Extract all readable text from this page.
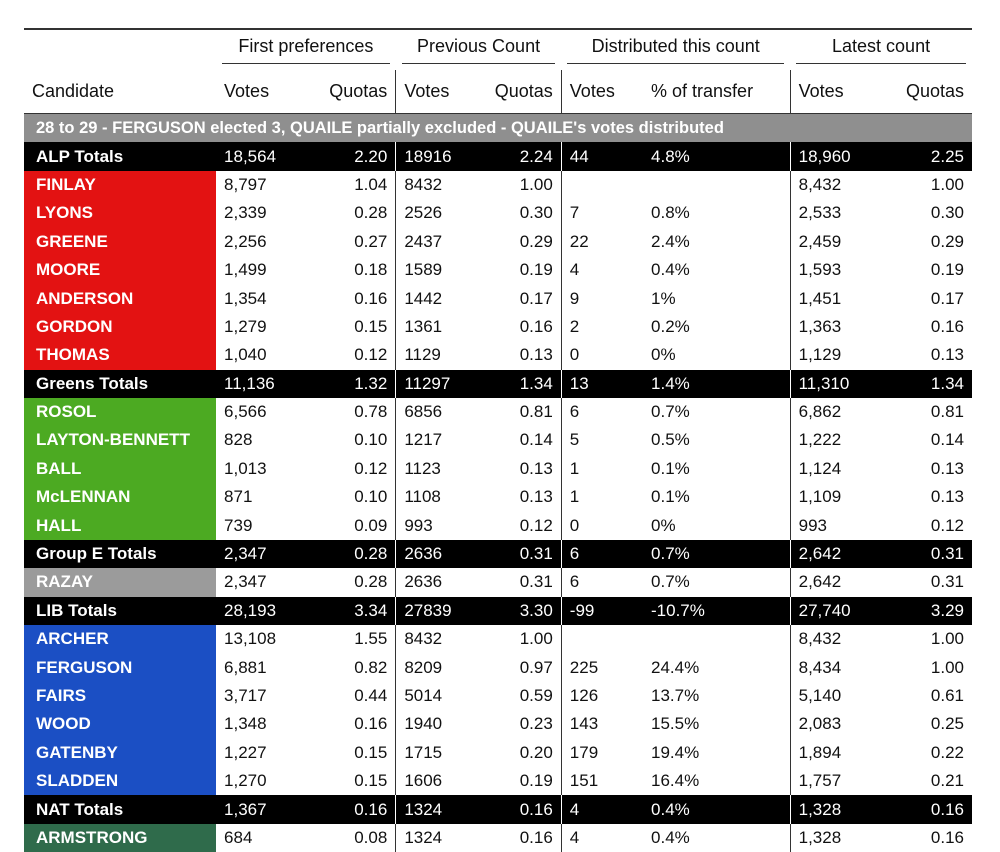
	First preferences		Previous Count		Distributed this count		Latest count	

Candidate	Votes	Quotas	Votes	Quotas	Votes	% of transfer	Votes	Quotas
28 to 29 - FERGUSON elected 3, QUAILE partially excluded - QUAILE's votes distributed								
ALP Totals	18,564	2.20	18916	2.24	44	4.8%	18,960	2.25
FINLAY	8,797	1.04	8432	1.00			8,432	1.00
LYONS	2,339	0.28	2526	0.30	7	0.8%	2,533	0.30
GREENE	2,256	0.27	2437	0.29	22	2.4%	2,459	0.29
MOORE	1,499	0.18	1589	0.19	4	0.4%	1,593	0.19
ANDERSON	1,354	0.16	1442	0.17	9	1%	1,451	0.17
GORDON	1,279	0.15	1361	0.16	2	0.2%	1,363	0.16
THOMAS	1,040	0.12	1129	0.13	0	0%	1,129	0.13
Greens Totals	11,136	1.32	11297	1.34	13	1.4%	11,310	1.34
ROSOL	6,566	0.78	6856	0.81	6	0.7%	6,862	0.81
LAYTON-BENNETT	828	0.10	1217	0.14	5	0.5%	1,222	0.14
BALL	1,013	0.12	1123	0.13	1	0.1%	1,124	0.13
McLENNAN	871	0.10	1108	0.13	1	0.1%	1,109	0.13
HALL	739	0.09	993	0.12	0	0%	993	0.12
Group E Totals	2,347	0.28	2636	0.31	6	0.7%	2,642	0.31
RAZAY	2,347	0.28	2636	0.31	6	0.7%	2,642	0.31
LIB Totals	28,193	3.34	27839	3.30	-99	-10.7%	27,740	3.29
ARCHER	13,108	1.55	8432	1.00			8,432	1.00
FERGUSON	6,881	0.82	8209	0.97	225	24.4%	8,434	1.00
FAIRS	3,717	0.44	5014	0.59	126	13.7%	5,140	0.61
WOOD	1,348	0.16	1940	0.23	143	15.5%	2,083	0.25
GATENBY	1,227	0.15	1715	0.20	179	19.4%	1,894	0.22
SLADDEN	1,270	0.15	1606	0.19	151	16.4%	1,757	0.21
NAT Totals	1,367	0.16	1324	0.16	4	0.4%	1,328	0.16
ARMSTRONG	684	0.08	1324	0.16	4	0.4%	1,328	0.16
